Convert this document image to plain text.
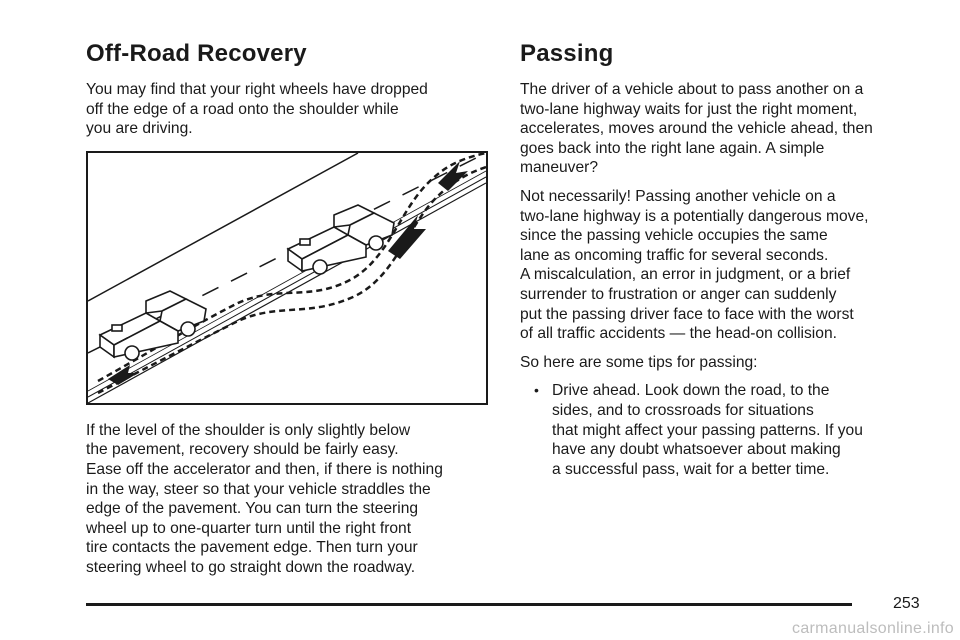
Off-Road Recovery

You may find that your right wheels have dropped
off the edge of a road onto the shoulder while
you are driving.

If the level of the shoulder is only slightly below
the pavement, recovery should be fairly easy.
Ease off the accelerator and then, if there is nothing
in the way, steer so that your vehicle straddles the
edge of the pavement. You can turn the steering
wheel up to one-quarter turn until the right front
tire contacts the pavement edge. Then turn your
steering wheel to go straight down the roadway.

Passing

The driver of a vehicle about to pass another on a
two-lane highway waits for just the right moment,
accelerates, moves around the vehicle ahead, then
goes back into the right lane again. A simple
maneuver?

Not necessarily! Passing another vehicle on a
two-lane highway is a potentially dangerous move,
since the passing vehicle occupies the same
lane as oncoming traffic for several seconds.
A miscalculation, an error in judgment, or a brief
surrender to frustration or anger can suddenly
put the passing driver face to face with the worst
of all traffic accidents — the head-on collision.

So here are some tips for passing:

• Drive ahead. Look down the road, to the
sides, and to crossroads for situations
that might affect your passing patterns. If you
have any doubt whatsoever about making
a successful pass, wait for a better time.
253
carmanualsonline.info
